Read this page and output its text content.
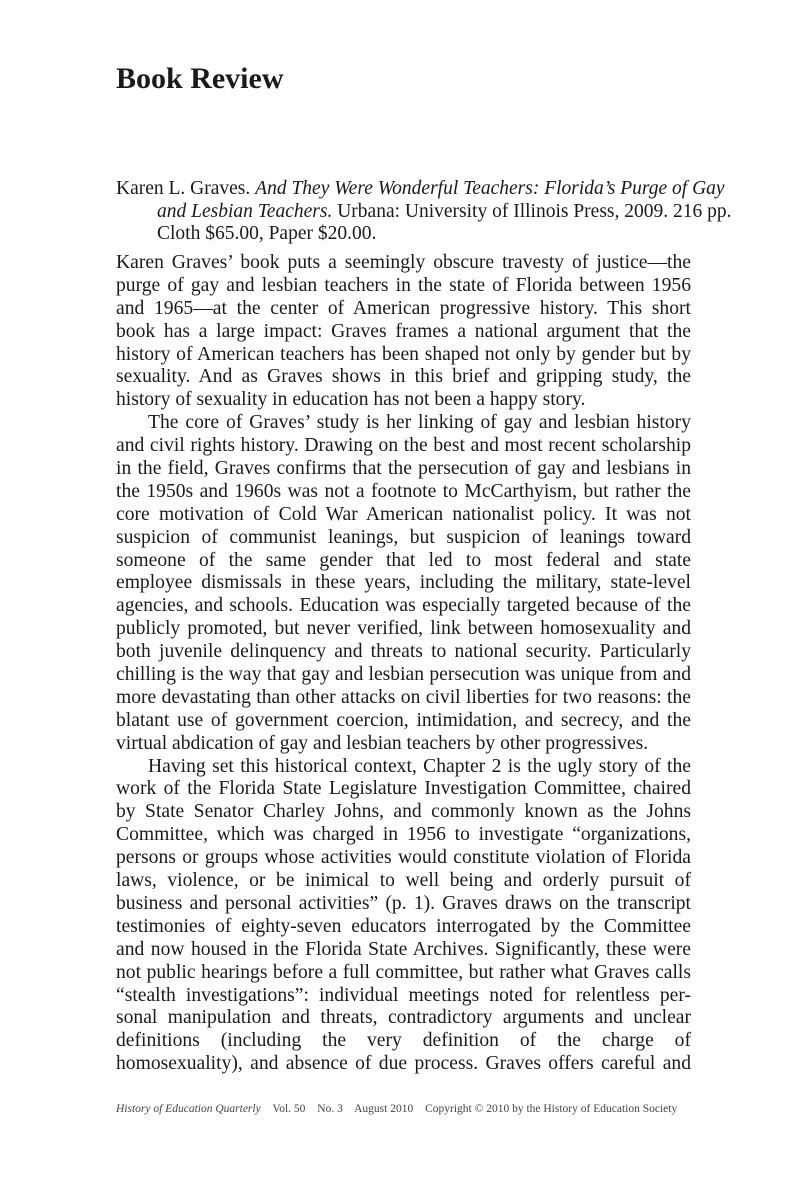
Book Review
Karen L. Graves. And They Were Wonderful Teachers: Florida’s Purge of Gay
and Lesbian Teachers. Urbana: University of Illinois Press, 2009. 216 pp.
Cloth $65.00, Paper $20.00.
Karen Graves’ book puts a seemingly obscure travesty of justice—the
purge of gay and lesbian teachers in the state of Florida between 1956
and 1965—at the center of American progressive history. This short
book has a large impact: Graves frames a national argument that the
history of American teachers has been shaped not only by gender but by
sexuality. And as Graves shows in this brief and gripping study, the
history of sexuality in education has not been a happy story.
The core of Graves’ study is her linking of gay and lesbian history
and civil rights history. Drawing on the best and most recent scholarship
in the field, Graves confirms that the persecution of gay and lesbians in
the 1950s and 1960s was not a footnote to McCarthyism, but rather the
core motivation of Cold War American nationalist policy. It was not
suspicion of communist leanings, but suspicion of leanings toward
someone of the same gender that led to most federal and state
employee dismissals in these years, including the military, state-level
agencies, and schools. Education was especially targeted because of the
publicly promoted, but never verified, link between homosexuality and
both juvenile delinquency and threats to national security. Particularly
chilling is the way that gay and lesbian persecution was unique from and
more devastating than other attacks on civil liberties for two reasons: the
blatant use of government coercion, intimidation, and secrecy, and the
virtual abdication of gay and lesbian teachers by other progressives.
Having set this historical context, Chapter 2 is the ugly story of the
work of the Florida State Legislature Investigation Committee, chaired
by State Senator Charley Johns, and commonly known as the Johns
Committee, which was charged in 1956 to investigate “organizations,
persons or groups whose activities would constitute violation of Florida
laws, violence, or be inimical to well being and orderly pursuit of
business and personal activities” (p. 1). Graves draws on the transcript
testimonies of eighty-seven educators interrogated by the Committee
and now housed in the Florida State Archives. Significantly, these were
not public hearings before a full committee, but rather what Graves calls
“stealth investigations”: individual meetings noted for relentless per-
sonal manipulation and threats, contradictory arguments and unclear
definitions (including the very definition of the charge of
homosexuality), and absence of due process. Graves offers careful and
History of Education Quarterly Vol. 50 No. 3 August 2010 Copyright © 2010 by the History of Education Society
